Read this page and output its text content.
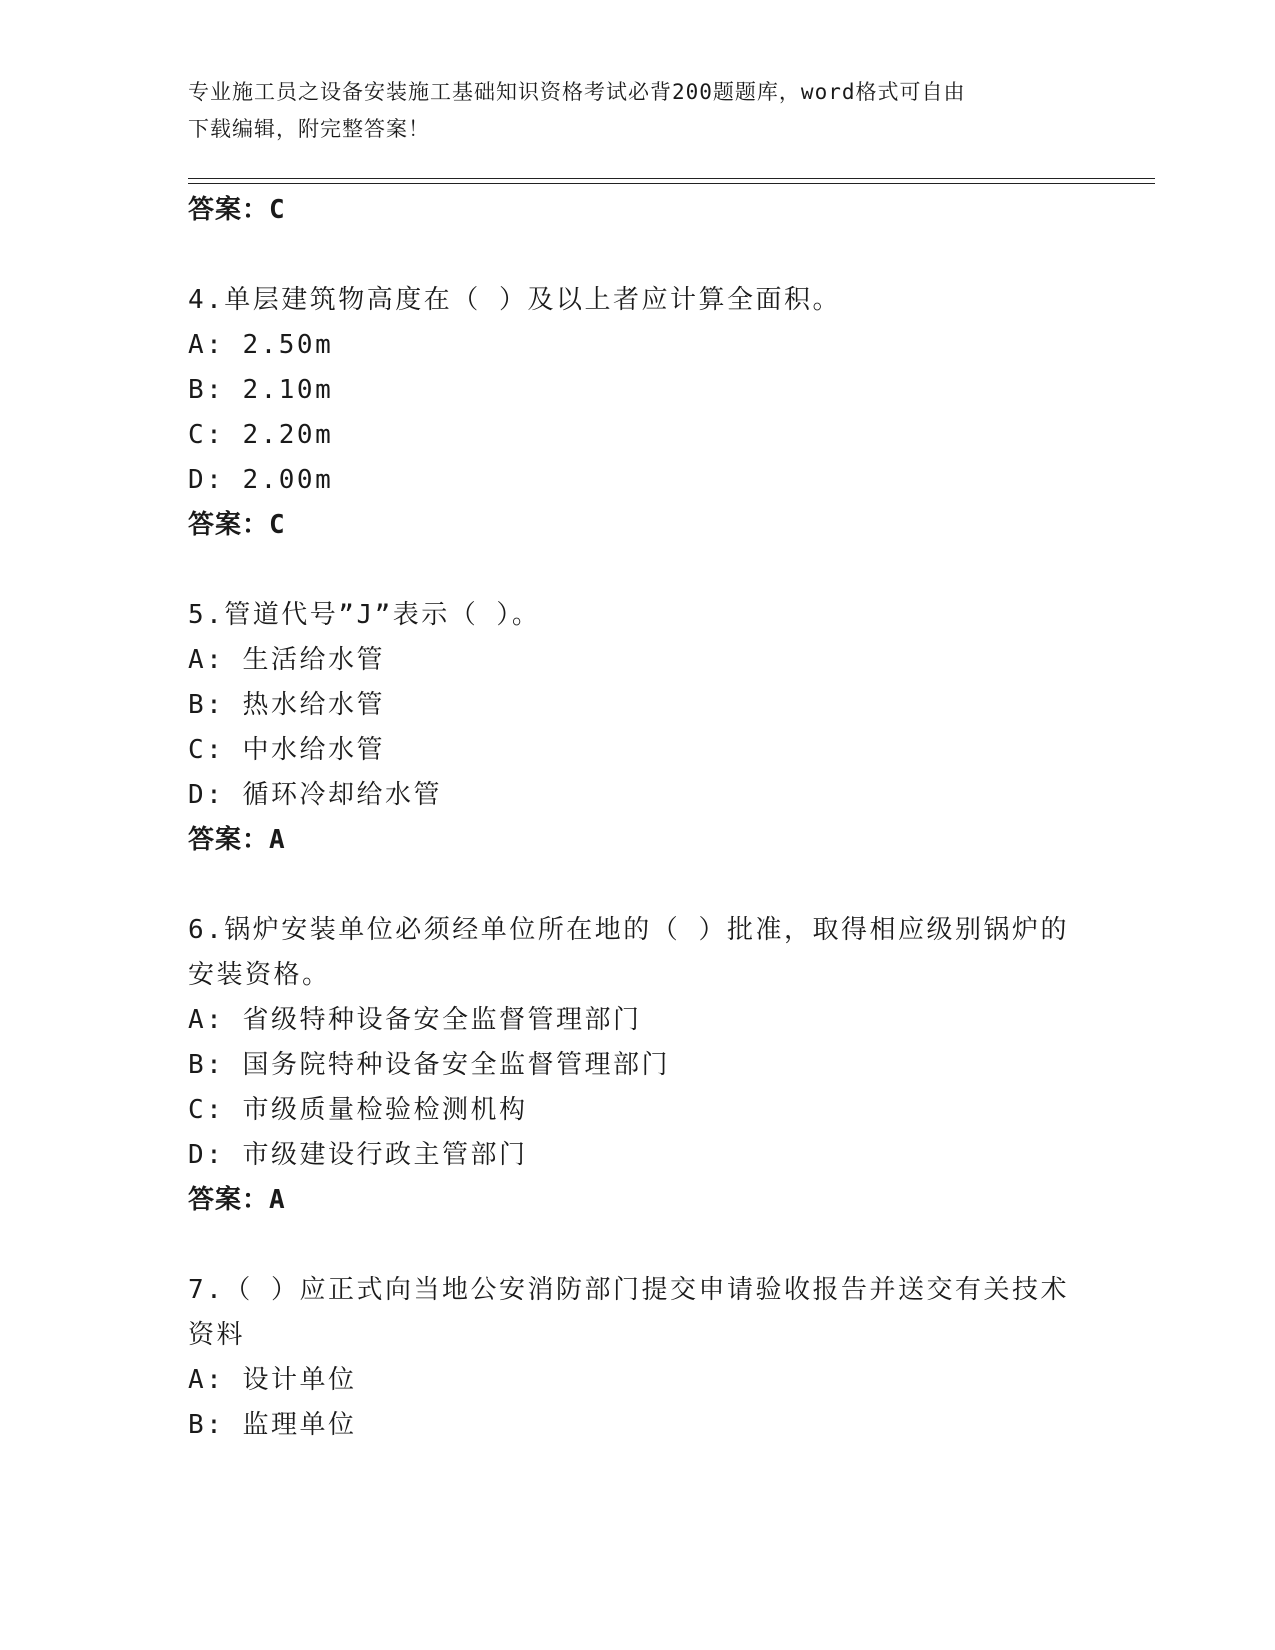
专业施工员之设备安装施工基础知识资格考试必背200题题库，word格式可自由
下载编辑，附完整答案！
答案：C
4.单层建筑物高度在（ ）及以上者应计算全面积。
A: 2.50m
B: 2.10m
C: 2.20m
D: 2.00m
答案：C
5.管道代号”J”表示（ ）。
A: 生活给水管
B: 热水给水管
C: 中水给水管
D: 循环冷却给水管
答案：A
6.锅炉安装单位必须经单位所在地的（ ）批准，取得相应级别锅炉的
安装资格。
A: 省级特种设备安全监督管理部门
B: 国务院特种设备安全监督管理部门
C: 市级质量检验检测机构
D: 市级建设行政主管部门
答案：A
7.（ ）应正式向当地公安消防部门提交申请验收报告并送交有关技术
资料
A: 设计单位
B: 监理单位
